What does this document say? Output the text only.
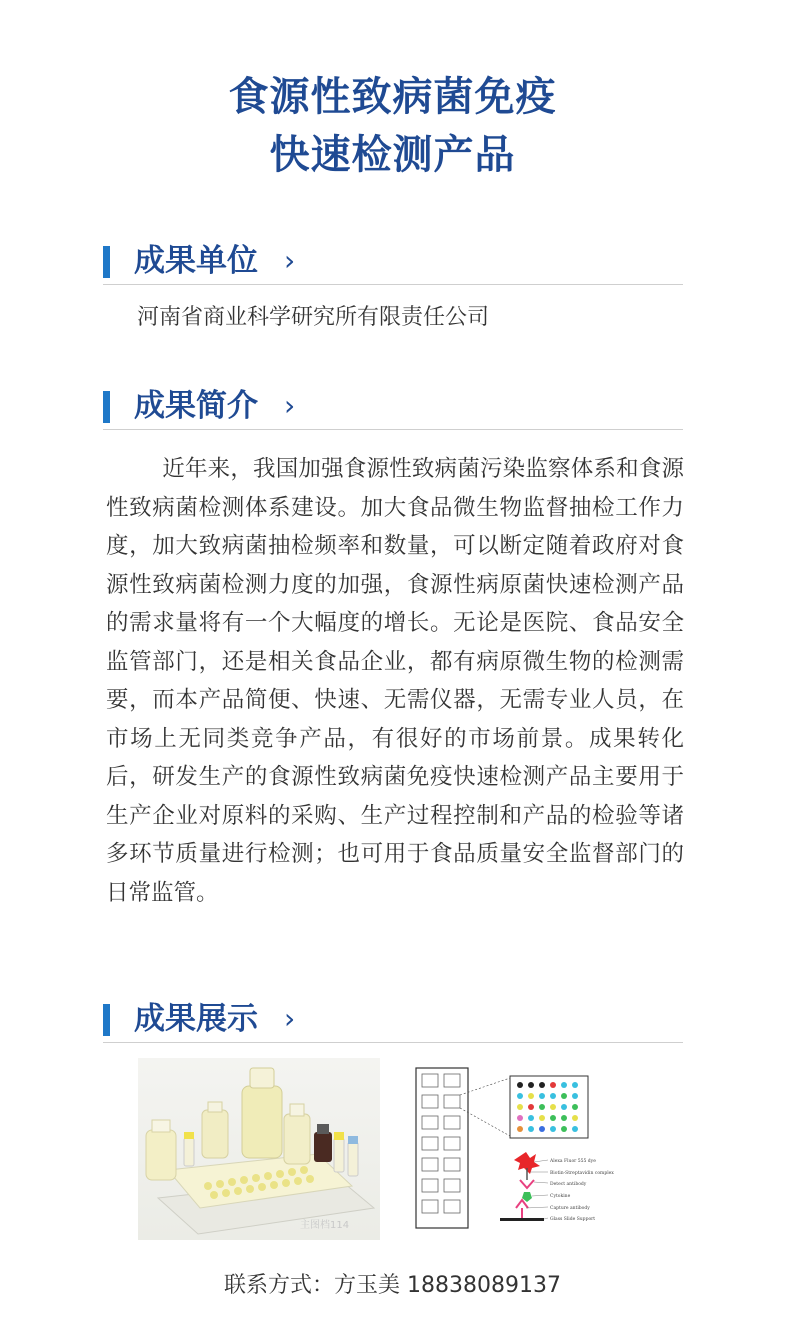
食源性致病菌免疫
快速检测产品
成果单位 ›
河南省商业科学研究所有限责任公司
成果简介 ›

近年来，我国加强食源性致病菌污染监察体系和食源性致病菌检测体系建设。加大食品微生物监督抽检工作力度，加大致病菌抽检频率和数量，可以断定随着政府对食源性致病菌检测力度的加强，食源性病原菌快速检测产品的需求量将有一个大幅度的增长。无论是医院、食品安全监管部门，还是相关食品企业，都有病原微生物的检测需要，而本产品简便、快速、无需仪器，无需专业人员，在市场上无同类竞争产品，有很好的市场前景。成果转化后，研发生产的食源性致病菌免疫快速检测产品主要用于生产企业对原料的采购、生产过程控制和产品的检验等诸多环节质量进行检测；也可用于食品质量安全监督部门的日常监管。

成果展示 ›
主图档114
Alexa Fluor 555 dye
Biotin-Streptavidin complex
Detect antibody
Cytokine
Capture antibody
Glass Slide Support
联系方式：方玉美 18838089137
